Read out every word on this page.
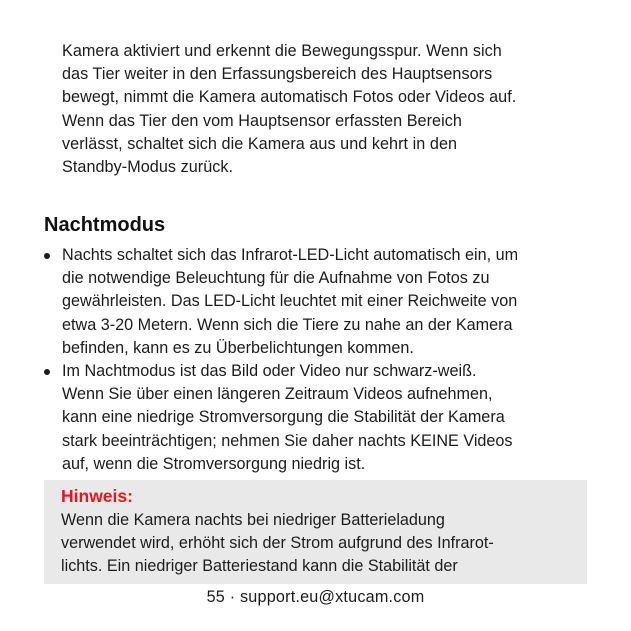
Kamera aktiviert und erkennt die Bewegungsspur. Wenn sich
das Tier weiter in den Erfassungsbereich des Hauptsensors
bewegt, nimmt die Kamera automatisch Fotos oder Videos auf.
Wenn das Tier den vom Hauptsensor erfassten Bereich
verlässt, schaltet sich die Kamera aus und kehrt in den
Standby-Modus zurück.
Nachtmodus
Nachts schaltet sich das Infrarot-LED-Licht automatisch ein, um
die notwendige Beleuchtung für die Aufnahme von Fotos zu
gewährleisten. Das LED-Licht leuchtet mit einer Reichweite von
etwa 3-20 Metern. Wenn sich die Tiere zu nahe an der Kamera
befinden, kann es zu Überbelichtungen kommen.
Im Nachtmodus ist das Bild oder Video nur schwarz-weiß.
Wenn Sie über einen längeren Zeitraum Videos aufnehmen,
kann eine niedrige Stromversorgung die Stabilität der Kamera
stark beeinträchtigen; nehmen Sie daher nachts KEINE Videos
auf, wenn die Stromversorgung niedrig ist.
Hinweis:
Wenn die Kamera nachts bei niedriger Batterieladung
verwendet wird, erhöht sich der Strom aufgrund des Infrarot-
lichts. Ein niedriger Batteriestand kann die Stabilität der
55 · support.eu@xtucam.com
